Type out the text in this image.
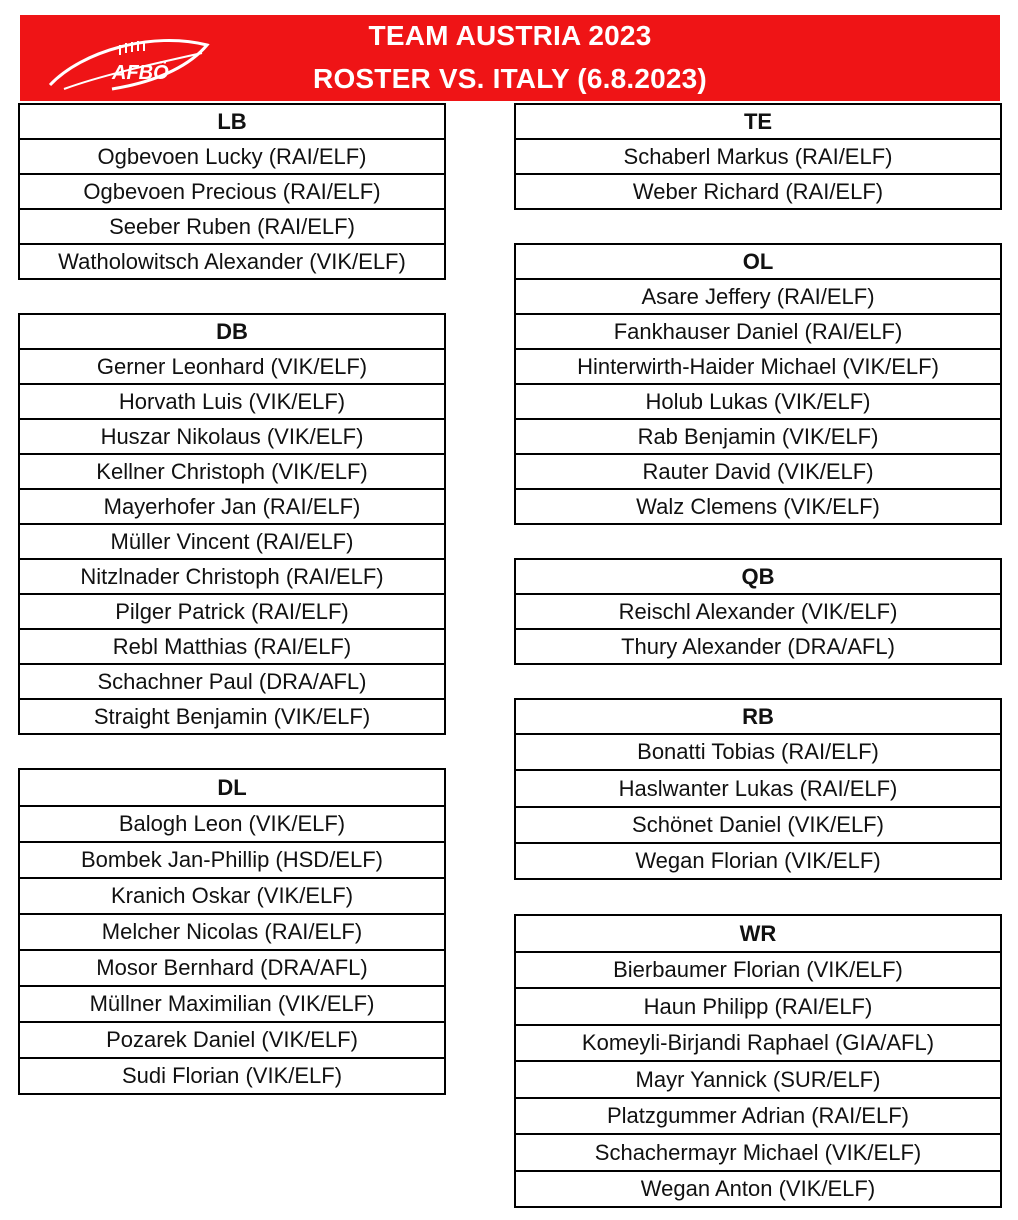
AFBÖ
TEAM AUSTRIA 2023
ROSTER VS. ITALY (6.8.2023)
LB
Ogbevoen Lucky (RAI/ELF)
Ogbevoen Precious (RAI/ELF)
Seeber Ruben (RAI/ELF)
Watholowitsch Alexander (VIK/ELF)
DB
Gerner Leonhard (VIK/ELF)
Horvath Luis (VIK/ELF)
Huszar Nikolaus (VIK/ELF)
Kellner Christoph (VIK/ELF)
Mayerhofer Jan (RAI/ELF)
Müller Vincent (RAI/ELF)
Nitzlnader Christoph (RAI/ELF)
Pilger Patrick (RAI/ELF)
Rebl Matthias (RAI/ELF)
Schachner Paul (DRA/AFL)
Straight Benjamin (VIK/ELF)
DL
Balogh Leon (VIK/ELF)
Bombek Jan-Phillip (HSD/ELF)
Kranich Oskar (VIK/ELF)
Melcher Nicolas (RAI/ELF)
Mosor Bernhard (DRA/AFL)
Müllner Maximilian (VIK/ELF)
Pozarek Daniel (VIK/ELF)
Sudi Florian (VIK/ELF)
TE
Schaberl Markus (RAI/ELF)
Weber Richard (RAI/ELF)
OL
Asare Jeffery (RAI/ELF)
Fankhauser Daniel (RAI/ELF)
Hinterwirth-Haider Michael (VIK/ELF)
Holub Lukas (VIK/ELF)
Rab Benjamin (VIK/ELF)
Rauter David (VIK/ELF)
Walz Clemens (VIK/ELF)
QB
Reischl Alexander (VIK/ELF)
Thury Alexander (DRA/AFL)
RB
Bonatti Tobias (RAI/ELF)
Haslwanter Lukas (RAI/ELF)
Schönet Daniel (VIK/ELF)
Wegan Florian (VIK/ELF)
WR
Bierbaumer Florian (VIK/ELF)
Haun Philipp (RAI/ELF)
Komeyli-Birjandi Raphael (GIA/AFL)
Mayr Yannick (SUR/ELF)
Platzgummer Adrian (RAI/ELF)
Schachermayr Michael (VIK/ELF)
Wegan Anton (VIK/ELF)
